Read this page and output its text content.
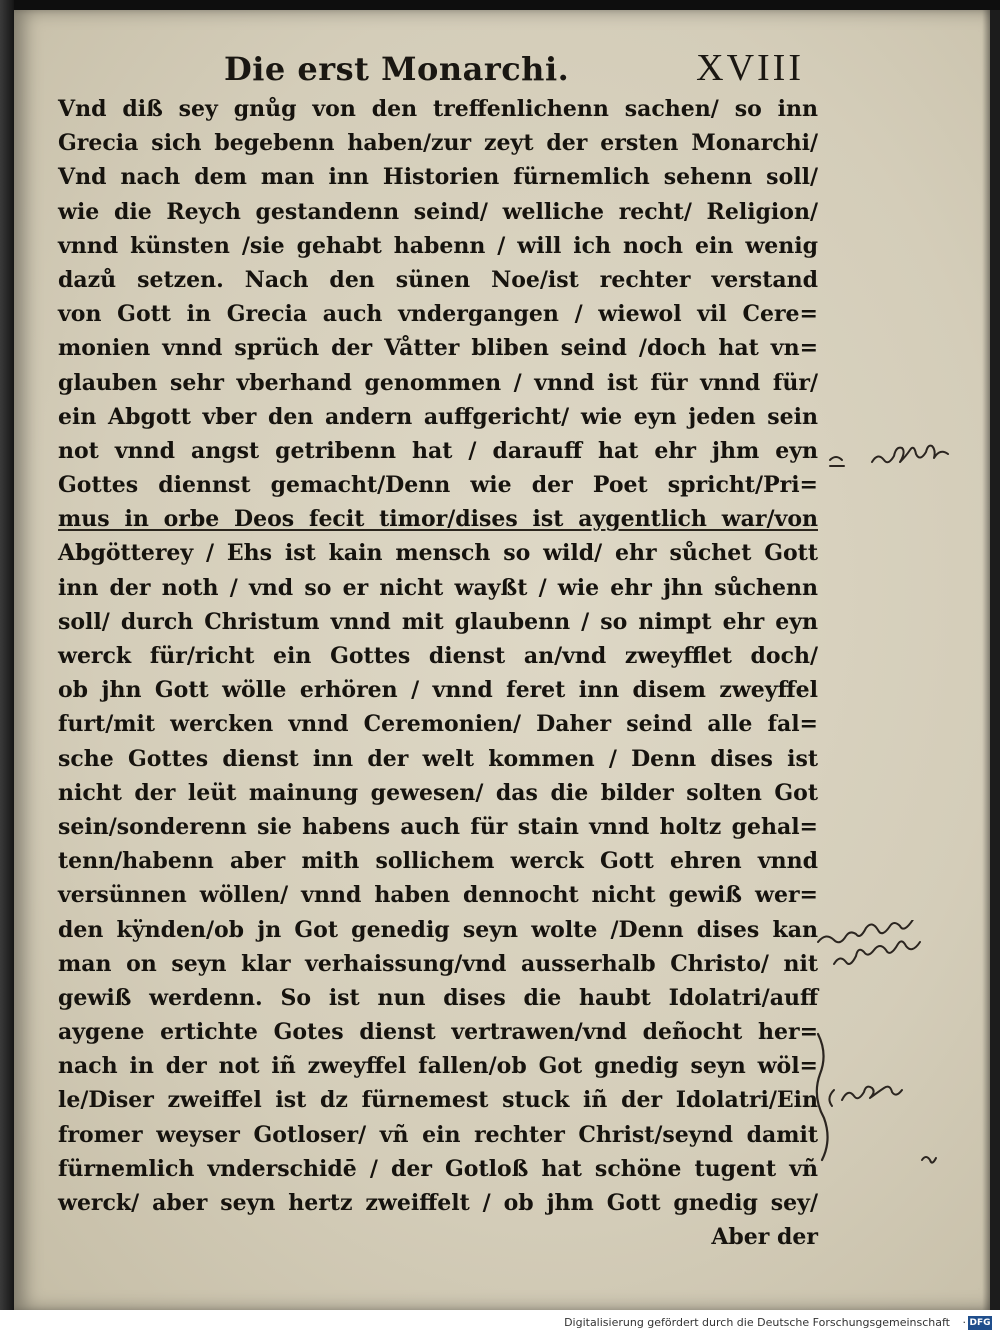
Die erst Monarchi.	XVIII
Vnd diß sey gnůg von den treffenlichenn sachen/ so inn
Grecia sich begebenn haben/zur zeyt der ersten Monarchi/
Vnd nach dem man inn Historien fürnemlich sehenn soll/
wie die Reych gestandenn seind/ welliche recht/ Religion/
vnnd künsten /sie gehabt habenn / will ich noch ein wenig
dazů setzen. Nach den sünen Noe/ist rechter verstand
von Gott in Grecia auch vndergangen / wiewol vil Cere=
monien vnnd sprüch der Våtter bliben seind /doch hat vn=
glauben sehr vberhand genommen / vnnd ist für vnnd für/
ein Abgott vber den andern auffgericht/ wie eyn jeden sein
not vnnd angst getribenn hat / darauff hat ehr jhm eyn
Gottes diennst gemacht/Denn wie der Poet spricht/Pri=
mus in orbe Deos fecit timor/dises ist aygentlich war/von
Abgötterey / Ehs ist kain mensch so wild/ ehr sůchet Gott
inn der noth / vnd so er nicht wayßt / wie ehr jhn sůchenn
soll/ durch Christum vnnd mit glaubenn / so nimpt ehr eyn
werck für/richt ein Gottes dienst an/vnd zweyfflet doch/
ob jhn Gott wölle erhören / vnnd feret inn disem zweyffel
furt/mit wercken vnnd Ceremonien/ Daher seind alle fal=
sche Gottes dienst inn der welt kommen / Denn dises ist
nicht der leüt mainung gewesen/ das die bilder solten Got
sein/sonderenn sie habens auch für stain vnnd holtz gehal=
tenn/habenn aber mith sollichem werck Gott ehren vnnd
versünnen wöllen/ vnnd haben dennocht nicht gewiß wer=
den kÿnden/ob jn Got genedig seyn wolte /Denn dises kan
man on seyn klar verhaissung/vnd ausserhalb Christo/ nit
gewiß werdenn. So ist nun dises die haubt Idolatri/auff
aygene ertichte Gotes dienst vertrawen/vnd deñocht her=
nach in der not iñ zweyffel fallen/ob Got gnedig seyn wöl=
le/Diser zweiffel ist dz fürnemest stuck iñ der Idolatri/Ein
fromer weyser Gotloser/ vñ ein rechter Christ/seynd damit
fürnemlich vnderschidē / der Gotloß hat schöne tugent vñ
werck/ aber seyn hertz zweiffelt / ob jhm Gott gnedig sey/
Aber der
Digitalisierung gefördert durch die Deutsche Forschungsgemeinschaft · DFG
